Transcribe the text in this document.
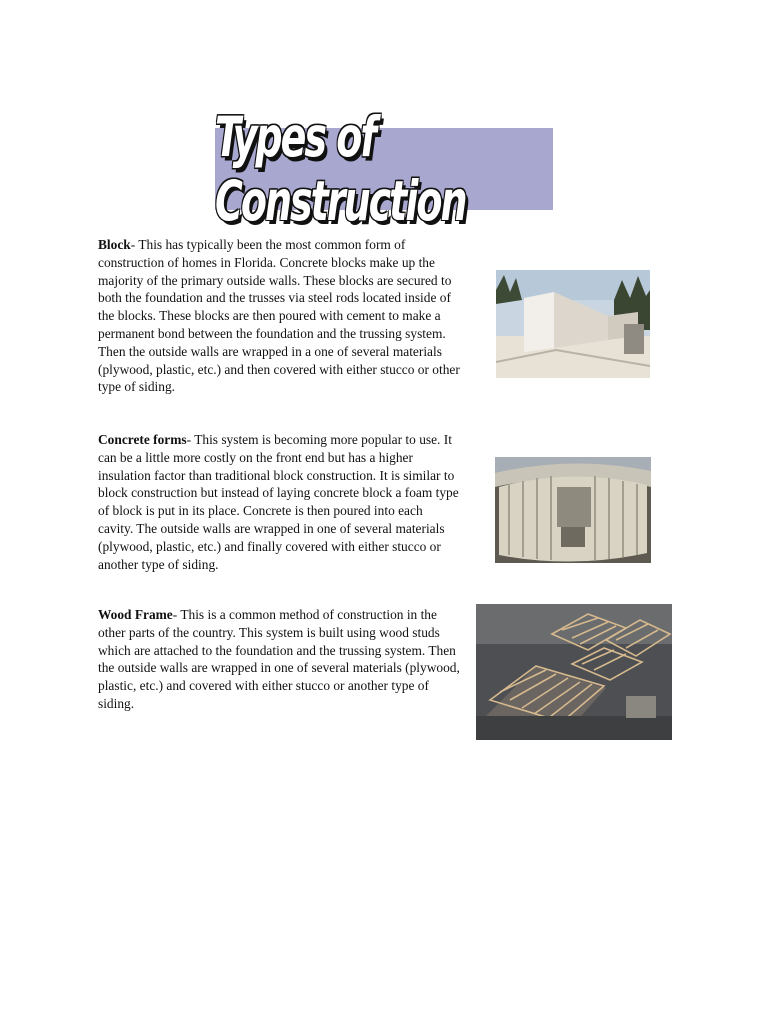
Types of Construction

Block- This has typically been the most common form of construction of homes in Florida. Concrete blocks make up the majority of the primary outside walls. These blocks are secured to both the foundation and the trusses via steel rods located inside of the blocks. These blocks are then poured with cement to make a permanent bond between the foundation and the trussing system. Then the outside walls are wrapped in a one of several materials (plywood, plastic, etc.) and then covered with either stucco or other type of siding.

Concrete forms- This system is becoming more popular to use. It can be a little more costly on the front end but has a higher insulation factor than traditional block construction. It is similar to block construction but instead of laying concrete block a foam type of block is put in its place. Concrete is then poured into each cavity. The outside walls are wrapped in one of several materials (plywood, plastic, etc.) and finally covered with either stucco or another type of siding.

Wood Frame- This is a common method of construction in the other parts of the country. This system is built using wood studs which are attached to the foundation and the trussing system. Then the outside walls are wrapped in one of several materials (plywood, plastic, etc.) and covered with either stucco or another type of siding.
